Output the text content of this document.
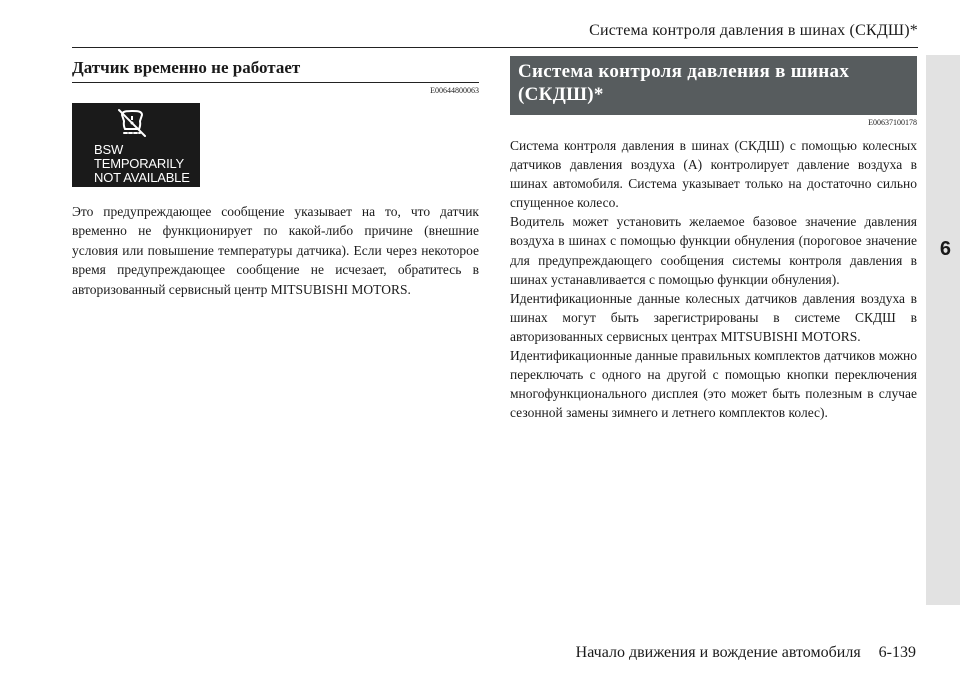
Система контроля давления в шинах (СКДШ)*
6
Датчик временно не работает
E00644800063
BSW
TEMPORARILY
NOT AVAILABLE
Это предупреждающее сообщение указывает на то, что датчик временно не функционирует по какой-либо причине (внешние условия или повышение температуры датчика). Если через некоторое время предупреждающее сообщение не исчезает, обратитесь в авторизованный сервисный центр MITSUBISHI MOTORS.
Система контроля давления в шинах
(СКДШ)*
E00637100178
Система контроля давления в шинах (СКДШ) с помощью колесных датчиков давления воздуха (A) контролирует давление воздуха в шинах автомобиля. Система указывает только на достаточно сильно спущенное колесо.
Водитель может установить желаемое базовое значение давления воздуха в шинах с помощью функции обнуления (пороговое значение для предупреждающего сообщения системы контроля давления в шинах устанавливается с помощью функции обнуления).
Идентификационные данные колесных датчиков давления воздуха в шинах могут быть зарегистрированы в системе СКДШ в авторизованных сервисных центрах MITSUBISHI MOTORS.
Идентификационные данные правильных комплектов датчиков можно переключать с одного на другой с помощью кнопки переключения многофункционального дисплея (это может быть полезным в случае сезонной замены зимнего и летнего комплектов колес).
Начало движения и вождение автомобиля 6-139
